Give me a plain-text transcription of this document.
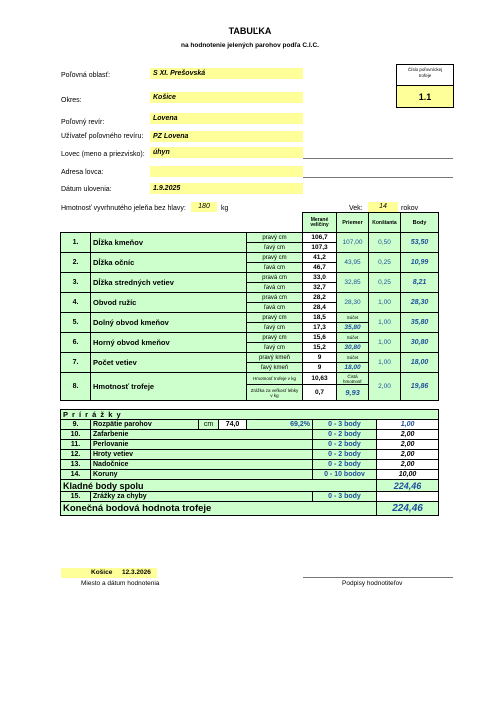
TABUĽKA
na hodnotenie jelených parohov podľa C.I.C.
Číslo poľovníckej trofeje
1.1
Poľovná oblasť:	S XI. Prešovská
Okres:	Košice
Poľovný revír:
Lovena
Užívateľ poľovného revíru:	PZ Lovena
Lovec (meno a priezvisko):	úhyn
Adresa lovca:
Dátum ulovenia:	1.9.2025
Hmotnosť vyvrhnutého jeleňa bez hlavy:	180	kg	Vek:	14	rokov
			Merané veličiny	Priemer	Konštanta	Body
1.	Dĺžka kmeňov	pravý cm	106,7	107,00	0,50	53,50
		ľavý cm	107,3			
2.	Dĺžka očníc	pravý cm	41,2	43,95	0,25	10,99
		ľavá cm	46,7			
3.	Dĺžka stredných vetiev	pravá cm	33,0	32,85	0,25	8,21
		ľavá cm	32,7			
4.	Obvod ružíc	pravá cm	28,2	28,30	1,00	28,30
		ľavá cm	28,4			
5.	Dolný obvod kmeňov	pravý cm	18,5	Súčet	1,00	35,80
		ľavý cm	17,3	35,80		
6.	Horný obvod kmeňov	pravý cm	15,6	Súčet	1,00	30,80
		ľavý cm	15,2	30,80		
7.	Počet vetiev	pravý kmeň	9	Súčet	1,00	18,00
		ľavý kmeň	9	18,00		
8.	Hmotnosť trofeje	Hmotnosť trofeje v kg	10,63	Čistá hmotnosť	2,00	19,86
		Zrážka za veľkosť lebky v kg	0,7	9,93		
P r í r á ž k y						
9.	Rozpätie parohov	cm	74,0	69,2%	0 - 3 body	1,00
10.	Zafarbenie				0 - 2 body	2,00
11.	Perlovanie				0 - 2 body	2,00
12.	Hroty vetiev				0 - 2 body	2,00
13.	Nadočnice				0 - 2 body	2,00
14.	Koruny				0 - 10 bodov	10,00
Kladné body spolu						224,46
15.	Zrážky za chyby				0 - 3 body	
Konečná bodová hodnota trofeje						224,46
Košice 12.3.2026
Miesto a dátum hodnotenia	Podpisy hodnotiteľov
